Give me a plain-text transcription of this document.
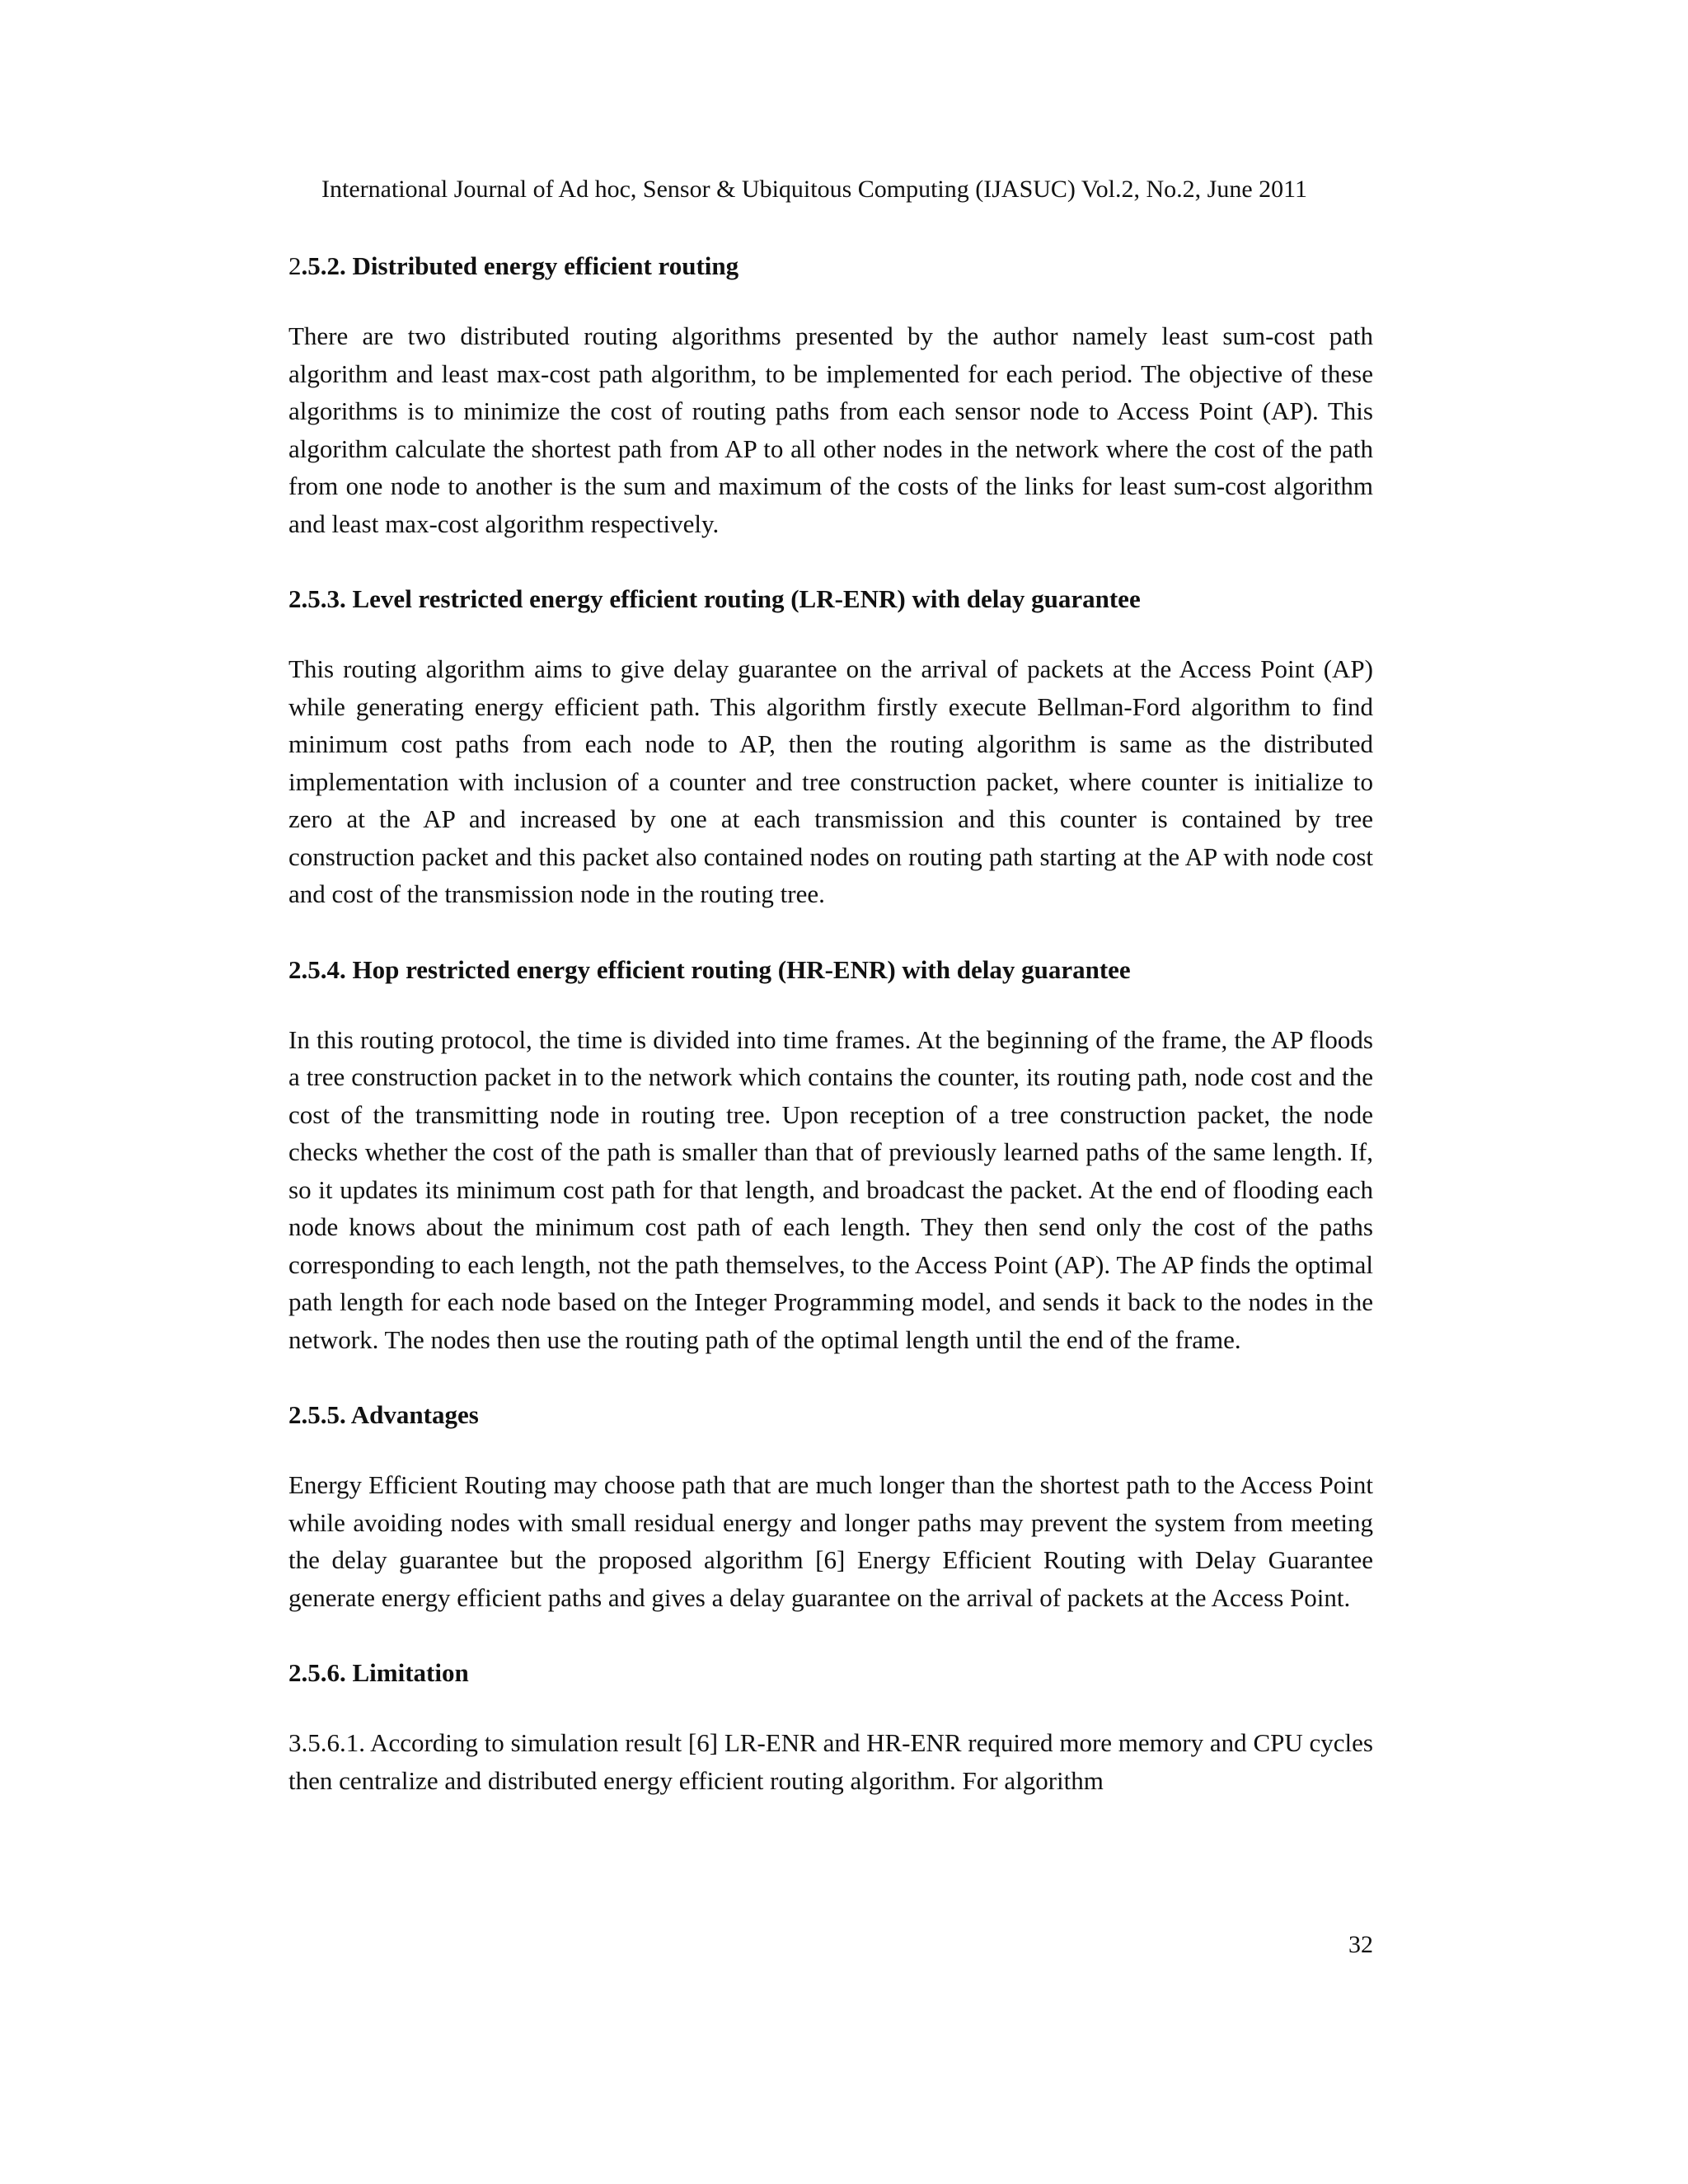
International Journal of Ad hoc, Sensor & Ubiquitous Computing (IJASUC) Vol.2, No.2, June 2011
2.5.2. Distributed energy efficient routing

There are two distributed routing algorithms presented by the author namely least sum-cost path algorithm and least max-cost path algorithm, to be implemented for each period. The objective of these algorithms is to minimize the cost of routing paths from each sensor node to Access Point (AP). This algorithm calculate the shortest path from AP to all other nodes in the network where the cost of the path from one node to another is the sum and maximum of the costs of the links for least sum-cost algorithm and least max-cost algorithm respectively.

2.5.3. Level restricted energy efficient routing (LR-ENR) with delay guarantee

This routing algorithm aims to give delay guarantee on the arrival of packets at the Access Point (AP) while generating energy efficient path. This algorithm firstly execute Bellman-Ford algorithm to find minimum cost paths from each node to AP, then the routing algorithm is same as the distributed implementation with inclusion of a counter and tree construction packet, where counter is initialize to zero at the AP and increased by one at each transmission and this counter is contained by tree construction packet and this packet also contained nodes on routing path starting at the AP with node cost and cost of the transmission node in the routing tree.

2.5.4. Hop restricted energy efficient routing (HR-ENR) with delay guarantee

In this routing protocol, the time is divided into time frames. At the beginning of the frame, the AP floods a tree construction packet in to the network which contains the counter, its routing path, node cost and the cost of the transmitting node in routing tree. Upon reception of a tree construction packet, the node checks whether the cost of the path is smaller than that of previously learned paths of the same length. If, so it updates its minimum cost path for that length, and broadcast the packet. At the end of flooding each node knows about the minimum cost path of each length. They then send only the cost of the paths corresponding to each length, not the path themselves, to the Access Point (AP). The AP finds the optimal path length for each node based on the Integer Programming model, and sends it back to the nodes in the network. The nodes then use the routing path of the optimal length until the end of the frame.

2.5.5. Advantages

Energy Efficient Routing may choose path that are much longer than the shortest path to the Access Point while avoiding nodes with small residual energy and longer paths may prevent the system from meeting the delay guarantee but the proposed algorithm [6] Energy Efficient Routing with Delay Guarantee generate energy efficient paths and gives a delay guarantee on the arrival of packets at the Access Point.

2.5.6. Limitation

3.5.6.1. According to simulation result [6] LR-ENR and HR-ENR required more memory and CPU cycles then centralize and distributed energy efficient routing algorithm. For algorithm

32
